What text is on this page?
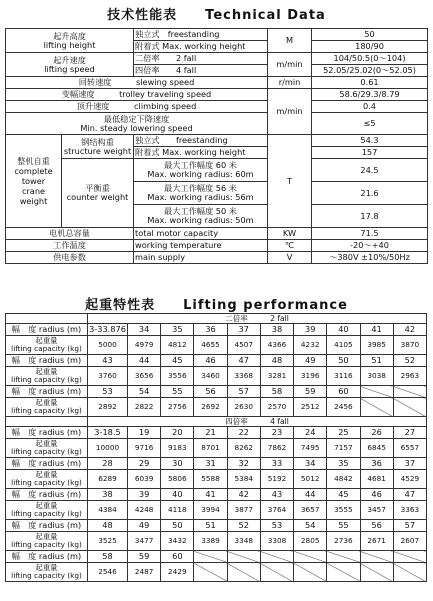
技术性能表　　Technical Data
起升高度
lifting height		独立式　freestanding	M	50
		附着式 Max. working height		180/90
起升速度
lifting speed		二倍率　　2 fall	m/min	104/50.5(0～104)
		四倍率　　4 fall		52.05/25.02(0～52.05)
回转速度　　　slewing speed			r/min	0.61
变幅速度　　　trolley traveling speed			m/min	58.6/29.3/8.79
顶升速度　　　climbing speed				0.4
最低稳定下降速度
Min. steady lowering speed				≤5
整机自重
complete
tower
crane
weight	钢结构重
structure weight	独立式　　freestanding	T	54.3
		附着式 Max. working height		157
	平衡重
counter weight	最大工作幅度 60 米
Max. working radius: 60m		24.5
		最大工作幅度 56 米
Max. working radius: 56m		21.6
		最大工作幅度 50 米
Max. working radius: 50m		17.8
电机总容量		total motor capacity	KW	71.5
工作温度		working temperature	℃	-20～+40
供电参数		main supply	V	～380V ±10%/50Hz
起重特性表　　Lifting performance
	二倍率　　　2 fall									
幅　度 radius (m)	3-33.876	34	35	36	37	38	39	40	41	42
起重量
lifting capacity (kg)	5000	4979	4812	4655	4507	4366	4232	4105	3985	3870
幅　度 radius (m)	43	44	45	46	47	48	49	50	51	52
起重量
lifting capacity (kg)	3760	3656	3556	3460	3368	3281	3196	3116	3038	2963
幅　度 radius (m)	53	54	55	56	57	58	59	60		
起重量
lifting capacity (kg)	2892	2822	2756	2692	2630	2570	2512	2456		
	四倍率　　　4 fall									
幅　度 radius (m)	3-18.5	19	20	21	22	23	24	25	26	27
起重量
lifting capacity (kg)	10000	9716	9183	8701	8262	7862	7495	7157	6845	6557
幅　度 radius (m)	28	29	30	31	32	33	34	35	36	37
起重量
lifting capacity (kg)	6289	6039	5806	5588	5384	5192	5012	4842	4681	4529
幅　度 radius (m)	38	39	40	41	42	43	44	45	46	47
起重量
lifting capacity (kg)	4384	4248	4118	3994	3877	3764	3657	3555	3457	3363
幅　度 radius (m)	48	49	50	51	52	53	54	55	56	57
起重量
lifting capacity (kg)	3525	3477	3432	3389	3348	3308	2805	2736	2671	2607
幅　度 radius (m)	58	59	60							
起重量
lifting capacity (kg)	2546	2487	2429							
